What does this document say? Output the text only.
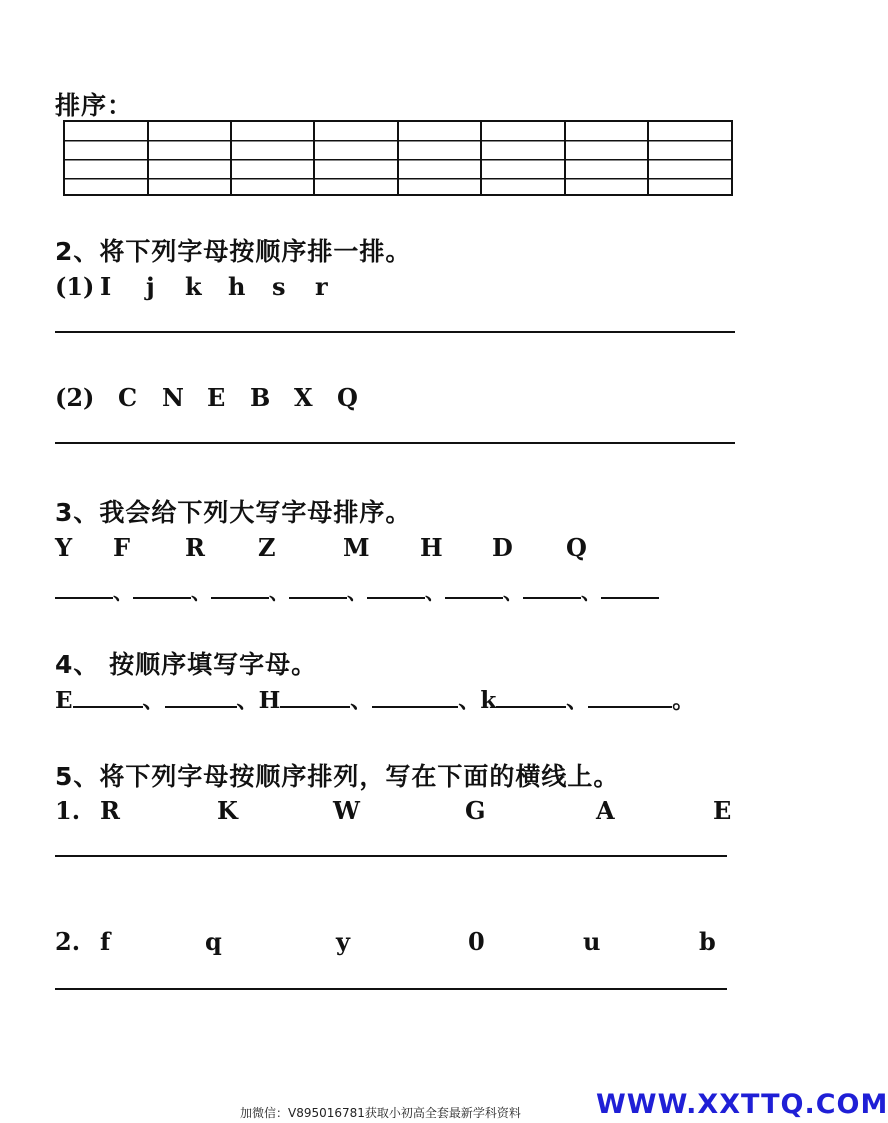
排序：
2、将下列字母按顺序排一排。
(1) I j k h s r
(2) C N E B X Q
3、我会给下列大写字母排序。
Y F R Z	M H D Q
、	、	、	、	、	、	、
4、 按顺序填写字母。
E	、	、H	、	、k	、	。
5、将下列字母按顺序排列，写在下面的横线上。
1. R	K	W	G	A	E
2. f	q	y	0	u	b
加微信：V895016781获取小初高全套最新学科资料	WWW.XXTTQ.COM
